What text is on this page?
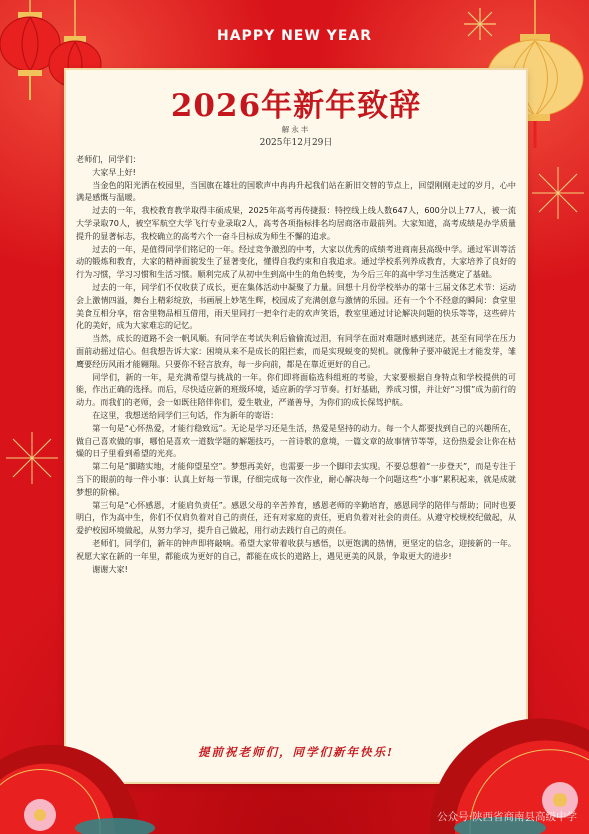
HAPPY NEW YEAR
2026年新年致辞
解永丰
2025年12月29日

老师们，同学们：

大家早上好!

当金色的阳光洒在校园里，当国旗在雄壮的国歌声中冉冉升起我们站在新旧交替的节点上，回望刚刚走过的岁月，心中满是感慨与温暖。

过去的一年，我校教育教学取得丰硕成果，2025年高考再传捷报：特控线上线人数647人，600分以上77人，被一流大学录取70人，被空军航空大学飞行专业录取2人，高考各项指标排名均居商洛市最前列。大家知道，高考成绩是办学质量提升的显著标志，我校确立的高考六个一奋斗目标成为师生不懈的追求。

过去的一年，是值得同学们铭记的一年。经过竞争激烈的中考，大家以优秀的成绩考进商南县高级中学。通过军训等活动的锻炼和教育，大家的精神面貌发生了显著变化，懂得自我约束和自我追求。通过学校系列养成教育，大家培养了良好的行为习惯，学习习惯和生活习惯。顺利完成了从初中生到高中生的角色转变，为今后三年的高中学习生活奠定了基础。

过去的一年，同学们不仅收获了成长，更在集体活动中凝聚了力量。回想十月份学校举办的第十三届文体艺术节：运动会上激情四溢，舞台上精彩绽放，书画展上妙笔生辉，校园成了充满创意与激情的乐园。还有一个个不经意的瞬间：食堂里美食互相分享，宿舍里物品相互借用，雨天里同打一把伞行走的欢声笑语，教室里通过讨论解决问题的快乐等等，这些碎片化的美好，成为大家难忘的记忆。

当然，成长的道路不会一帆风顺。有同学在考试失利后偷偷流过泪，有同学在面对难题时感到迷茫，甚至有同学在压力面前动摇过信心。但我想告诉大家：困境从来不是成长的阻拦索，而是实现蜕变的契机。就像种子要冲破泥土才能发芽，雏鹰要经历风雨才能翱翔。只要你不轻言放弃，每一步向前，都是在靠近更好的自己。

同学们，新的一年，是充满希望与挑战的一年。你们即将面临选科组班的考验，大家要根据自身特点和学校提供的可能，作出正确的选择。而后，尽快适应新的班级环境，适应新的学习节奏。打好基础，养成习惯，并让好“习惯”成为前行的动力。而我们的老师，会一如既往陪伴你们，爱生敬业，严谨善导，为你们的成长保驾护航。

在这里，我想送给同学们三句话，作为新年的寄语：

第一句是“心怀热爱，才能行稳致远”。无论是学习还是生活，热爱是坚持的动力。每一个人都要找到自己的兴趣所在，做自己喜欢做的事，哪怕是喜欢一道数学题的解题技巧，一首诗歌的意境，一篇文章的故事情节等等，这份热爱会让你在枯燥的日子里看到希望的光亮。

第二句是“脚踏实地，才能仰望星空”。梦想再美好，也需要一步一个脚印去实现。不要总想着“一步登天”，而是专注于当下的眼前的每一件小事：认真上好每一节课，仔细完成每一次作业，耐心解决每一个问题这些“小事”累积起来，就是成就梦想的阶梯。

第三句是“心怀感恩，才能肩负责任”。感恩父母的辛苦养育，感恩老师的辛勤培育，感恩同学的陪伴与帮助；同时也要明白，作为高中生，你们不仅肩负着对自己的责任，还有对家庭的责任，更肩负着对社会的责任。从遵守校规校纪做起，从爱护校园环境做起，从努力学习，提升自己做起，用行动去践行自己的责任。

老师们，同学们，新年的钟声即将敲响。希望大家带着收获与感悟，以更饱满的热情，更坚定的信念，迎接新的一年。祝愿大家在新的一年里，都能成为更好的自己，都能在成长的道路上，遇见更美的风景，争取更大的进步!

谢谢大家!

提前祝老师们，同学们新年快乐!
公众号·陕西省商南县高级中学
